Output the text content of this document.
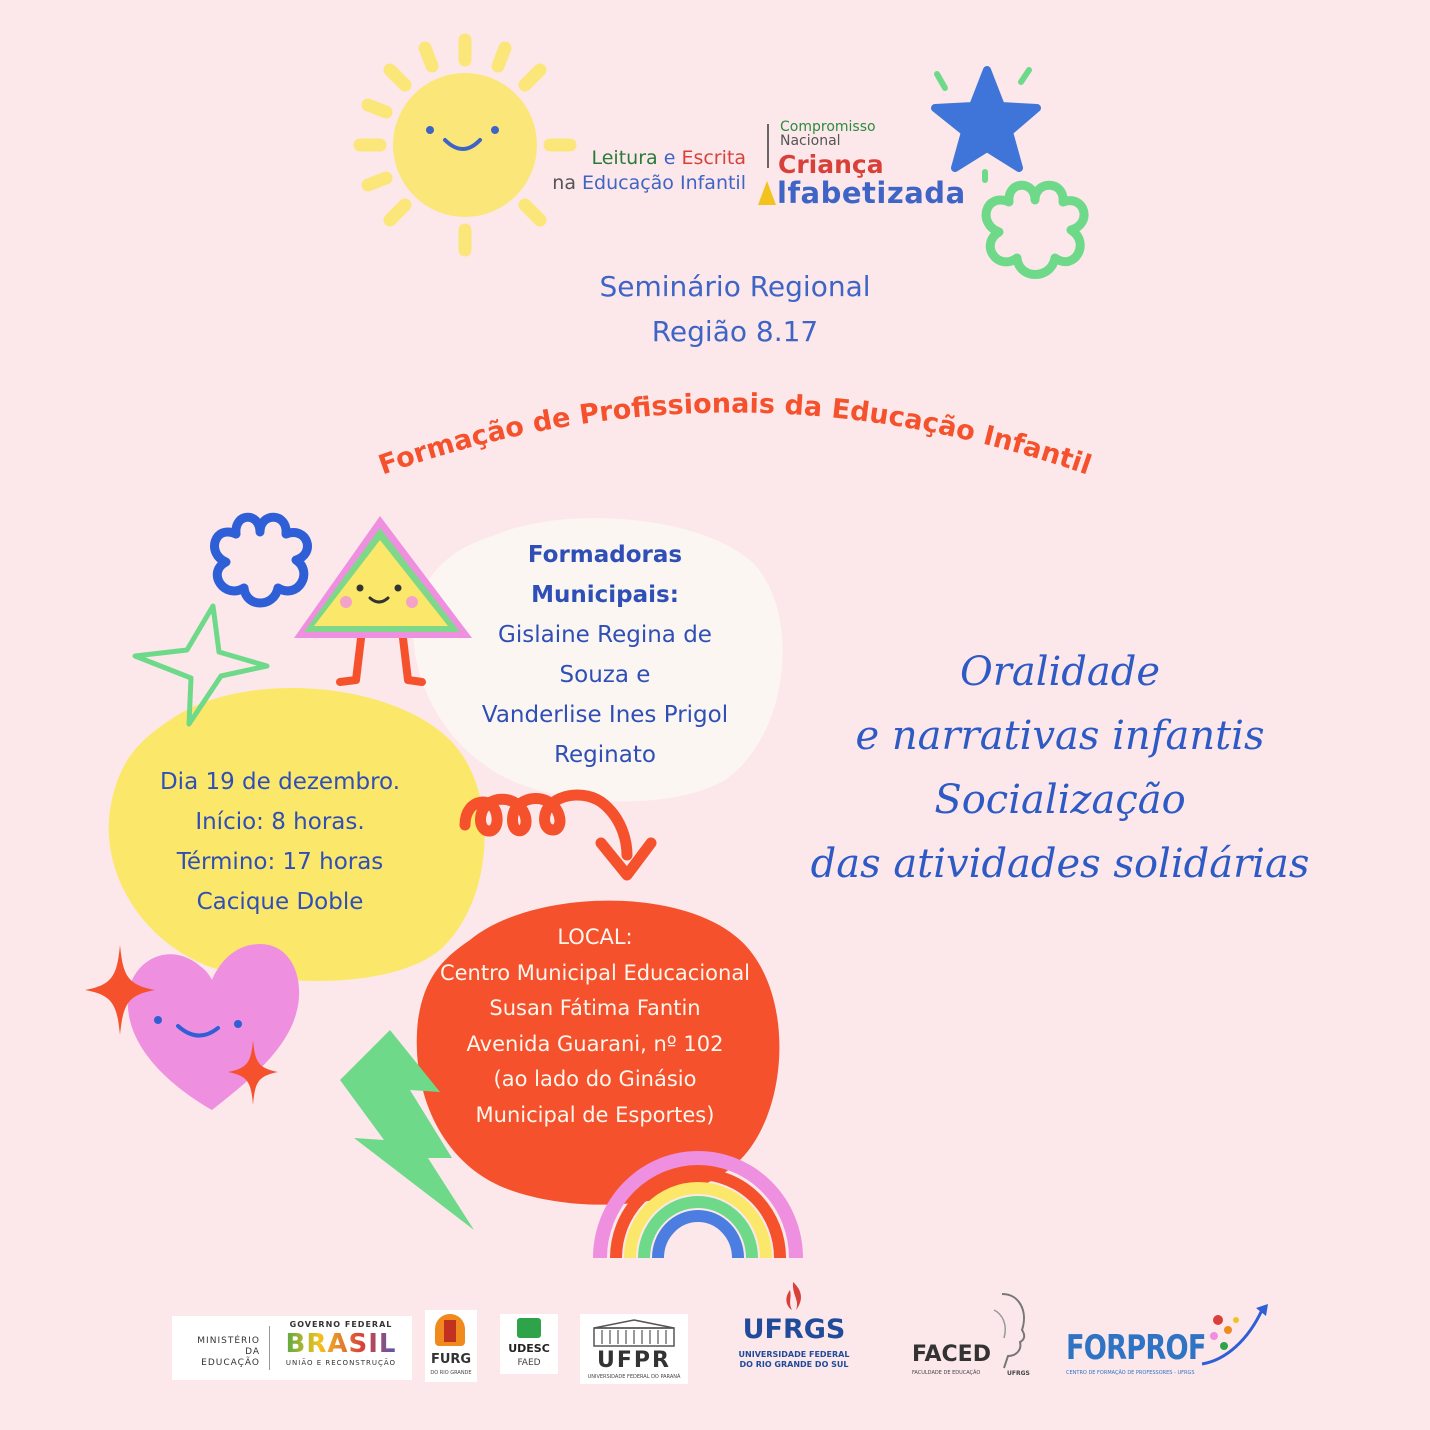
Leitura e Escrita
na Educação Infantil
Compromisso
Nacional
Criança
lfabetizada
Seminário Regional
Região 8.17
Formação de Profissionais da Educação Infantil
Formadoras
Municipais:
Gislaine Regina de
Souza e
Vanderlise Ines Prigol
Reginato
Dia 19 de dezembro.
Início: 8 horas.
Término: 17 horas
Cacique Doble
LOCAL:
Centro Municipal Educacional
Susan Fátima Fantin
Avenida Guarani, nº 102
(ao lado do Ginásio
Municipal de Esportes)
Oralidade
e narrativas infantis
Socialização
das atividades solidárias
MINISTÉRIO DA
EDUCAÇÃO
GOVERNO FEDERAL
BRASIL
UNIÃO E RECONSTRUÇÃO	FURG
DO RIO GRANDE
UDESC
FAED	UFPR
UNIVERSIDADE FEDERAL DO PARANÁ
UFRGS
UNIVERSIDADE FEDERAL
DO RIO GRANDE DO SUL	FACED
FACULDADE DE EDUCAÇÃO	UFRGS
FORPROF
CENTRO DE FORMAÇÃO DE PROFESSORES - UFRGS
